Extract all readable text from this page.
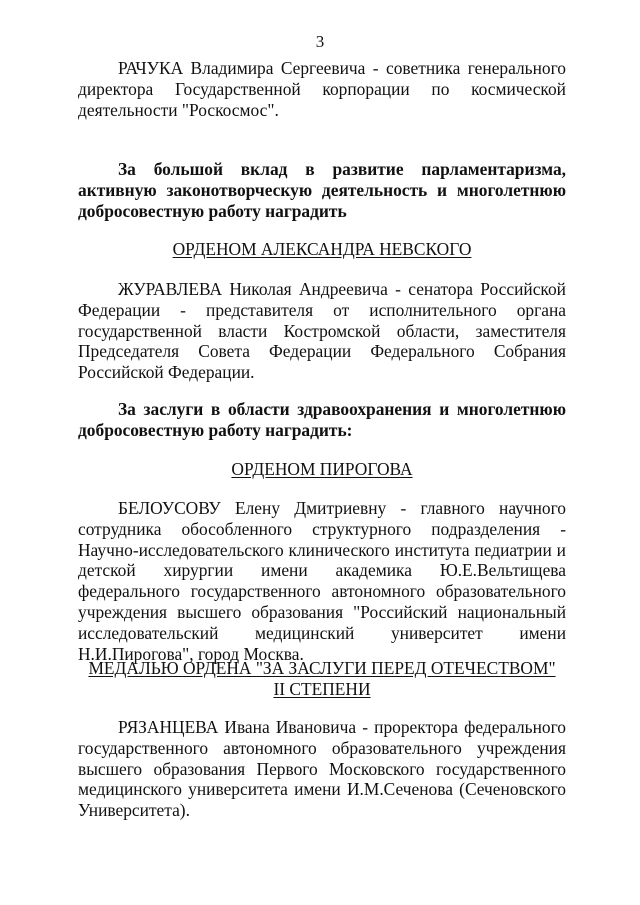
3

РАЧУКА Владимира Сергеевича - советника генерального директора Государственной корпорации по космической деятельности "Роскосмос".

За большой вклад в развитие парламентаризма, активную законотворческую деятельность и многолетнюю добросовестную работу наградить

ОРДЕНОМ АЛЕКСАНДРА НЕВСКОГО

ЖУРАВЛЕВА Николая Андреевича - сенатора Российской Федерации - представителя от исполнительного органа государственной власти Костромской области, заместителя Председателя Совета Федерации Федерального Собрания Российской Федерации.

За заслуги в области здравоохранения и многолетнюю добросовестную работу наградить:

ОРДЕНОМ ПИРОГОВА

БЕЛОУСОВУ Елену Дмитриевну - главного научного сотрудника обособленного структурного подразделения - Научно-исследовательского клинического института педиатрии и детской хирургии имени академика Ю.Е.Вельтищева федерального государственного автономного образовательного учреждения высшего образования "Российский национальный исследовательский медицинский университет имени Н.И.Пирогова", город Москва.

МЕДАЛЬЮ ОРДЕНА "ЗА ЗАСЛУГИ ПЕРЕД ОТЕЧЕСТВОМ"

II СТЕПЕНИ

РЯЗАНЦЕВА Ивана Ивановича - проректора федерального государственного автономного образовательного учреждения высшего образования Первого Московского государственного медицинского университета имени И.М.Сеченова (Сеченовского Университета).
